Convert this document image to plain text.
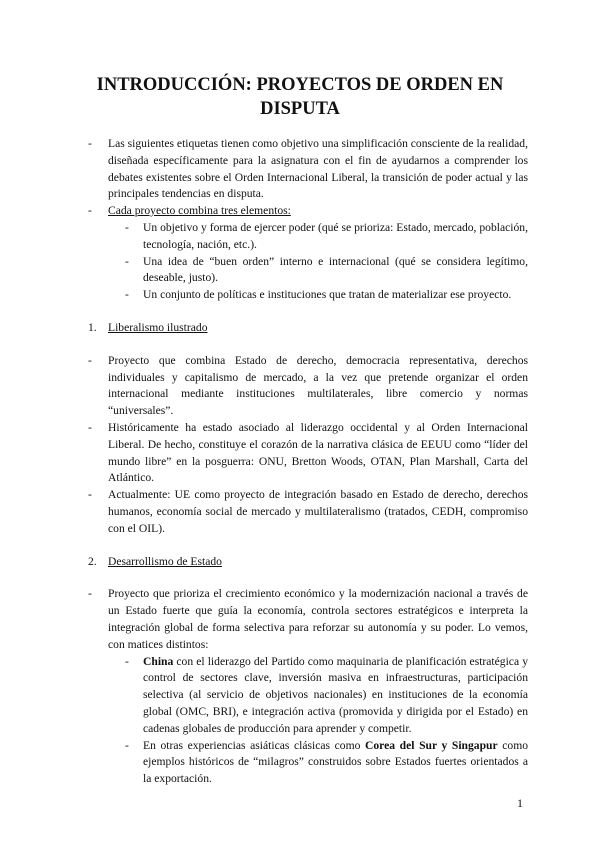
INTRODUCCIÓN: PROYECTOS DE ORDEN EN DISPUTA
-	Las siguientes etiquetas tienen como objetivo una simplificación consciente de la realidad, diseñada específicamente para la asignatura con el fin de ayudarnos a comprender los debates existentes sobre el Orden Internacional Liberal, la transición de poder actual y las principales tendencias en disputa.
-	Cada proyecto combina tres elementos:
-	Un objetivo y forma de ejercer poder (qué se prioriza: Estado, mercado, población, tecnología, nación, etc.).
-	Una idea de “buen orden” interno e internacional (qué se considera legítimo, deseable, justo).
-	Un conjunto de políticas e instituciones que tratan de materializar ese proyecto.
1. Liberalismo ilustrado
-	Proyecto que combina Estado de derecho, democracia representativa, derechos individuales y capitalismo de mercado, a la vez que pretende organizar el orden internacional mediante instituciones multilaterales, libre comercio y normas “universales”.
-	Históricamente ha estado asociado al liderazgo occidental y al Orden Internacional Liberal. De hecho, constituye el corazón de la narrativa clásica de EEUU como “líder del mundo libre” en la posguerra: ONU, Bretton Woods, OTAN, Plan Marshall, Carta del Atlántico.
-	Actualmente: UE como proyecto de integración basado en Estado de derecho, derechos humanos, economía social de mercado y multilateralismo (tratados, CEDH, compromiso con el OIL).
2. Desarrollismo de Estado
-	Proyecto que prioriza el crecimiento económico y la modernización nacional a través de un Estado fuerte que guía la economía, controla sectores estratégicos e interpreta la integración global de forma selectiva para reforzar su autonomía y su poder. Lo vemos, con matices distintos:
-	China con el liderazgo del Partido como maquinaria de planificación estratégica y control de sectores clave, inversión masiva en infraestructuras, participación selectiva (al servicio de objetivos nacionales) en instituciones de la economía global (OMC, BRI), e integración activa (promovida y dirigida por el Estado) en cadenas globales de producción para aprender y competir.
-	En otras experiencias asiáticas clásicas como Corea del Sur y Singapur como ejemplos históricos de “milagros” construidos sobre Estados fuertes orientados a la exportación.
1
